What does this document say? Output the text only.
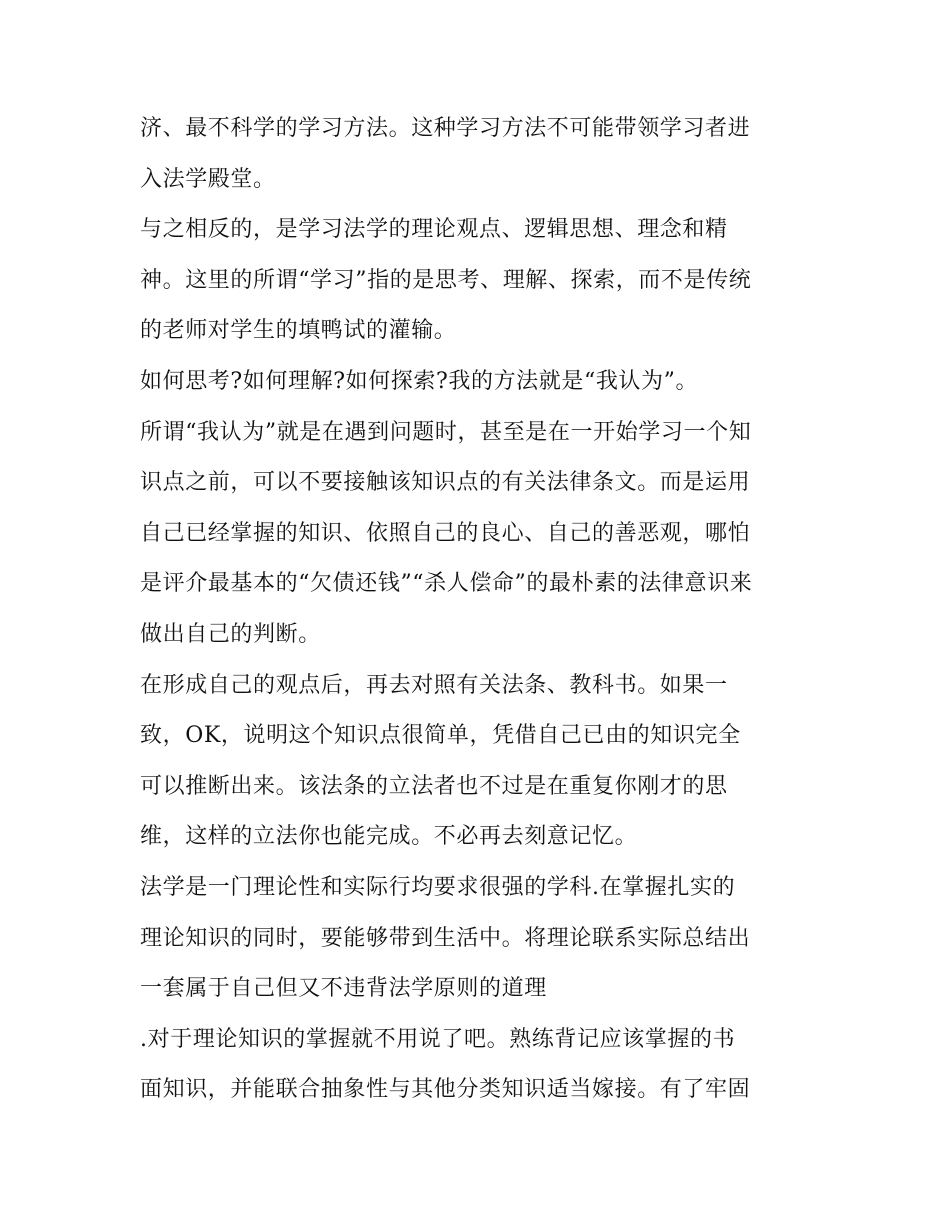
济、最不科学的学习方法。这种学习方法不可能带领学习者进
入法学殿堂。
与之相反的，是学习法学的理论观点、逻辑思想、理念和精
神。这里的所谓“学习”指的是思考、理解、探索，而不是传统
的老师对学生的填鸭试的灌输。
如何思考?如何理解?如何探索?我的方法就是“我认为”。
所谓“我认为”就是在遇到问题时，甚至是在一开始学习一个知
识点之前，可以不要接触该知识点的有关法律条文。而是运用
自己已经掌握的知识、依照自己的良心、自己的善恶观，哪怕
是评介最基本的“欠债还钱”“杀人偿命”的最朴素的法律意识来
做出自己的判断。
在形成自己的观点后，再去对照有关法条、教科书。如果一
致，OK，说明这个知识点很简单，凭借自己已由的知识完全
可以推断出来。该法条的立法者也不过是在重复你刚才的思
维，这样的立法你也能完成。不必再去刻意记忆。
法学是一门理论性和实际行均要求很强的学科.在掌握扎实的
理论知识的同时，要能够带到生活中。将理论联系实际总结出
一套属于自己但又不违背法学原则的道理
.对于理论知识的掌握就不用说了吧。熟练背记应该掌握的书
面知识，并能联合抽象性与其他分类知识适当嫁接。有了牢固
